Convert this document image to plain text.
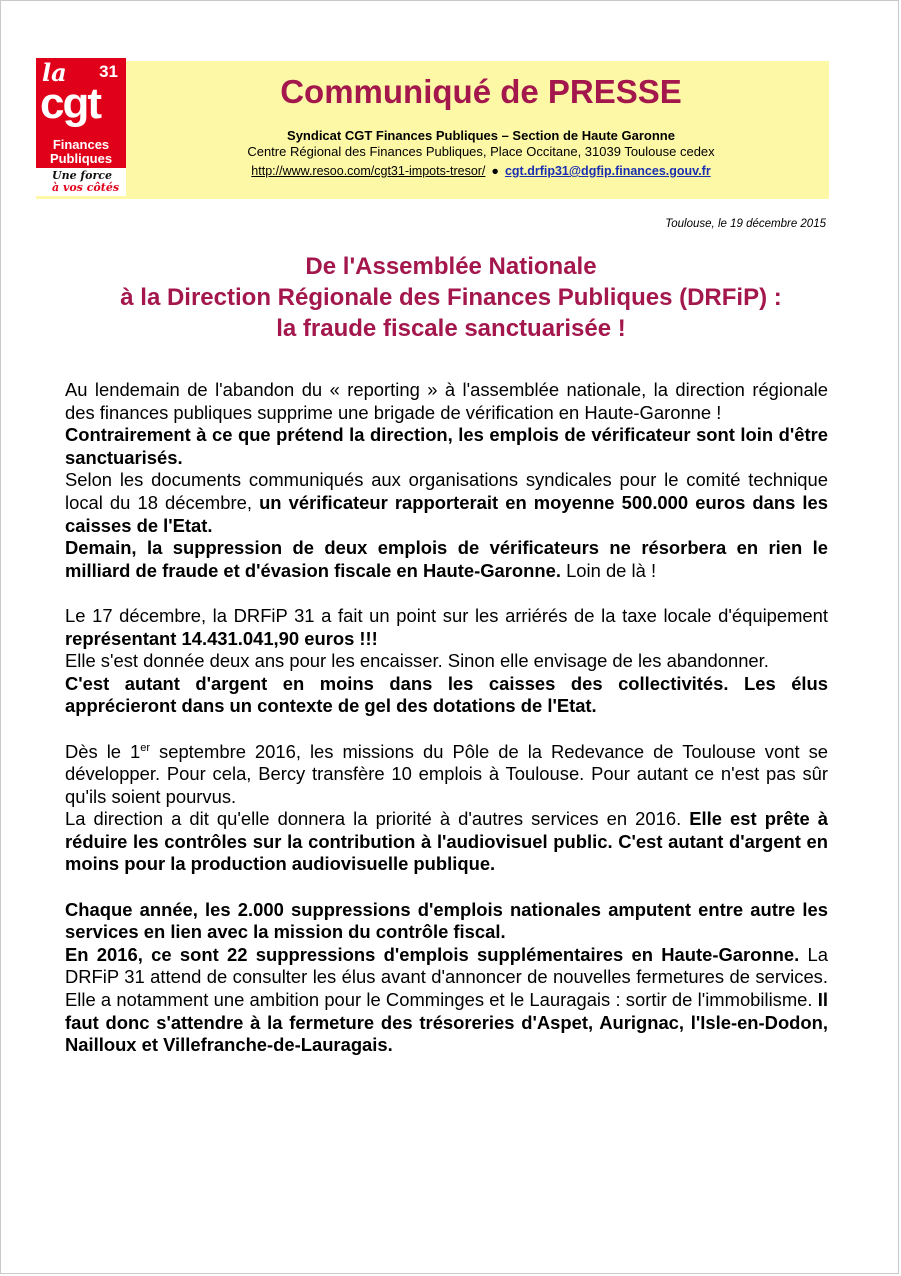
la 31
cgt
Finances
Publiques
Une force
à vos côtés
Communiqué de PRESSE
Syndicat CGT Finances Publiques – Section de Haute Garonne
Centre Régional des Finances Publiques, Place Occitane, 31039 Toulouse cedex
http://www.resoo.com/cgt31-impots-tresor/ ● cgt.drfip31@dgfip.finances.gouv.fr
Toulouse, le 19 décembre 2015
De l'Assemblée Nationale
à la Direction Régionale des Finances Publiques (DRFiP) :
la fraude fiscale sanctuarisée !

Au lendemain de l'abandon du « reporting » à l'assemblée nationale, la direction régionale des finances publiques supprime une brigade de vérification en Haute-Garonne !

Contrairement à ce que prétend la direction, les emplois de vérificateur sont loin d'être sanctuarisés.

Selon les documents communiqués aux organisations syndicales pour le comité technique local du 18 décembre, un vérificateur rapporterait en moyenne 500.000 euros dans les caisses de l'Etat.

Demain, la suppression de deux emplois de vérificateurs ne résorbera en rien le milliard de fraude et d'évasion fiscale en Haute-Garonne. Loin de là !

Le 17 décembre, la DRFiP 31 a fait un point sur les arriérés de la taxe locale d'équipement représentant 14.431.041,90 euros !!!

Elle s'est donnée deux ans pour les encaisser. Sinon elle envisage de les abandonner.

C'est autant d'argent en moins dans les caisses des collectivités. Les élus apprécieront dans un contexte de gel des dotations de l'Etat.

Dès le 1er septembre 2016, les missions du Pôle de la Redevance de Toulouse vont se développer. Pour cela, Bercy transfère 10 emplois à Toulouse. Pour autant ce n'est pas sûr qu'ils soient pourvus.

La direction a dit qu'elle donnera la priorité à d'autres services en 2016. Elle est prête à réduire les contrôles sur la contribution à l'audiovisuel public. C'est autant d'argent en moins pour la production audiovisuelle publique.

Chaque année, les 2.000 suppressions d'emplois nationales amputent entre autre les services en lien avec la mission du contrôle fiscal.

En 2016, ce sont 22 suppressions d'emplois supplémentaires en Haute-Garonne. La DRFiP 31 attend de consulter les élus avant d'annoncer de nouvelles fermetures de services. Elle a notamment une ambition pour le Comminges et le Lauragais : sortir de l'immobilisme. Il faut donc s'attendre à la fermeture des trésoreries d'Aspet, Aurignac, l'Isle-en-Dodon, Nailloux et Villefranche-de-Lauragais.
